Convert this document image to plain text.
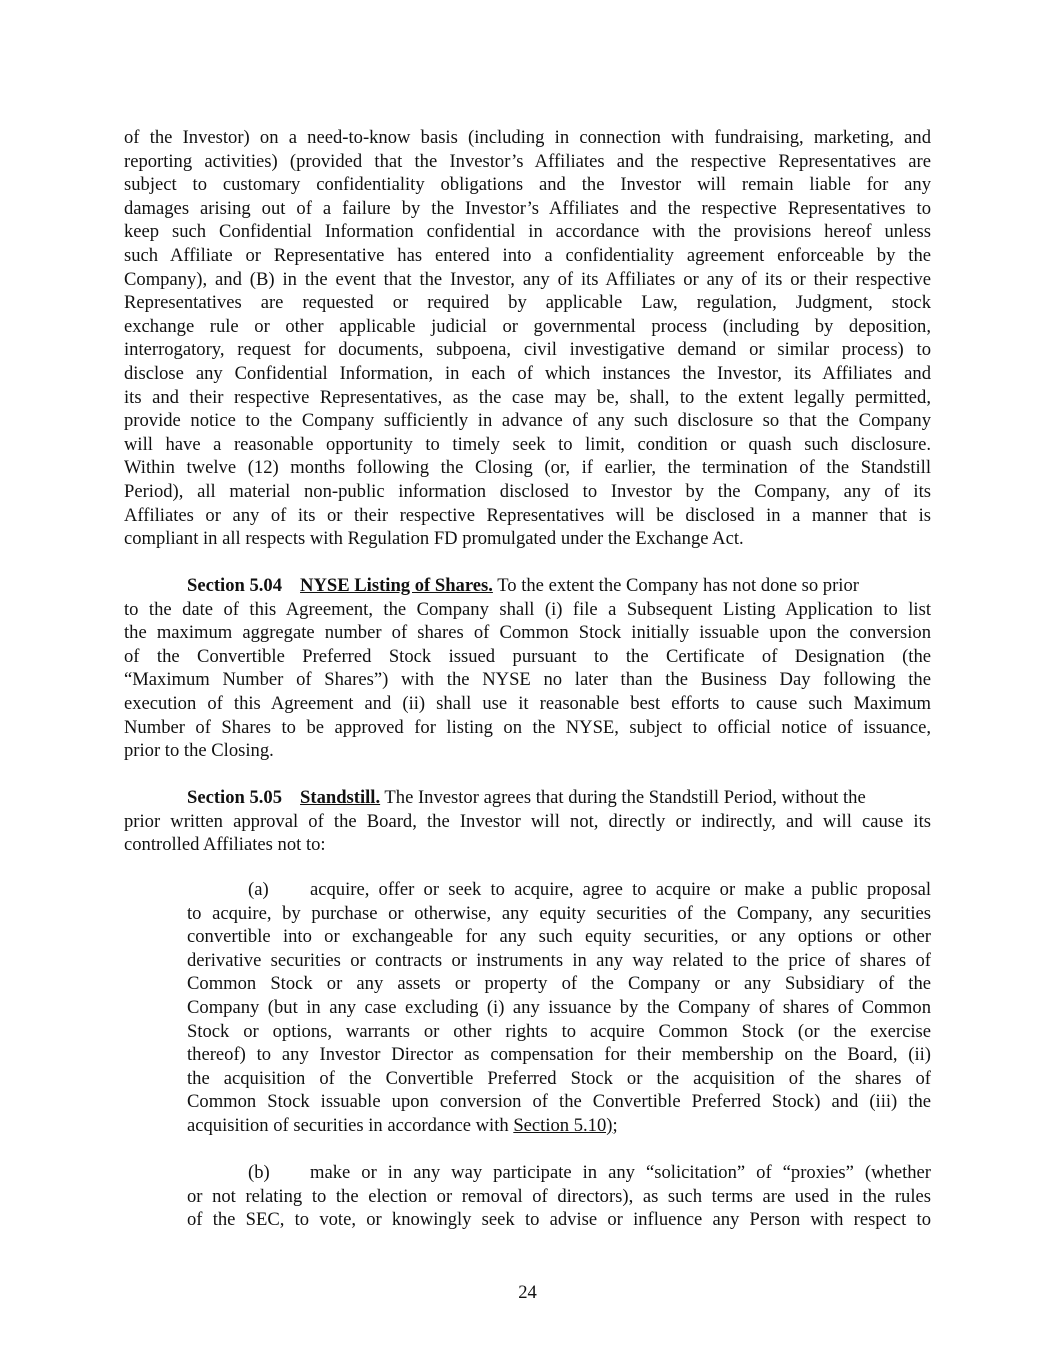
of the Investor) on a need-to-know basis (including in connection with fundraising, marketing, and
reporting activities) (provided that the Investor’s Affiliates and the respective Representatives are
subject to customary confidentiality obligations and the Investor will remain liable for any
damages arising out of a failure by the Investor’s Affiliates and the respective Representatives to
keep such Confidential Information confidential in accordance with the provisions hereof unless
such Affiliate or Representative has entered into a confidentiality agreement enforceable by the
Company), and (B) in the event that the Investor, any of its Affiliates or any of its or their respective
Representatives are requested or required by applicable Law, regulation, Judgment, stock
exchange rule or other applicable judicial or governmental process (including by deposition,
interrogatory, request for documents, subpoena, civil investigative demand or similar process) to
disclose any Confidential Information, in each of which instances the Investor, its Affiliates and
its and their respective Representatives, as the case may be, shall, to the extent legally permitted,
provide notice to the Company sufficiently in advance of any such disclosure so that the Company
will have a reasonable opportunity to timely seek to limit, condition or quash such disclosure.
Within twelve (12) months following the Closing (or, if earlier, the termination of the Standstill
Period), all material non-public information disclosed to Investor by the Company, any of its
Affiliates or any of its or their respective Representatives will be disclosed in a manner that is
compliant in all respects with Regulation FD promulgated under the Exchange Act.
Section 5.04 NYSE Listing of Shares. To the extent the Company has not done so prior
to the date of this Agreement, the Company shall (i) file a Subsequent Listing Application to list
the maximum aggregate number of shares of Common Stock initially issuable upon the conversion
of the Convertible Preferred Stock issued pursuant to the Certificate of Designation (the
“Maximum Number of Shares”) with the NYSE no later than the Business Day following the
execution of this Agreement and (ii) shall use it reasonable best efforts to cause such Maximum
Number of Shares to be approved for listing on the NYSE, subject to official notice of issuance,
prior to the Closing.
Section 5.05 Standstill. The Investor agrees that during the Standstill Period, without the
prior written approval of the Board, the Investor will not, directly or indirectly, and will cause its
controlled Affiliates not to:
(a) acquire, offer or seek to acquire, agree to acquire or make a public proposal
to acquire, by purchase or otherwise, any equity securities of the Company, any securities
convertible into or exchangeable for any such equity securities, or any options or other
derivative securities or contracts or instruments in any way related to the price of shares of
Common Stock or any assets or property of the Company or any Subsidiary of the
Company (but in any case excluding (i) any issuance by the Company of shares of Common
Stock or options, warrants or other rights to acquire Common Stock (or the exercise
thereof) to any Investor Director as compensation for their membership on the Board, (ii)
the acquisition of the Convertible Preferred Stock or the acquisition of the shares of
Common Stock issuable upon conversion of the Convertible Preferred Stock) and (iii) the
acquisition of securities in accordance with Section 5.10);
(b) make or in any way participate in any “solicitation” of “proxies” (whether
or not relating to the election or removal of directors), as such terms are used in the rules
of the SEC, to vote, or knowingly seek to advise or influence any Person with respect to
24
